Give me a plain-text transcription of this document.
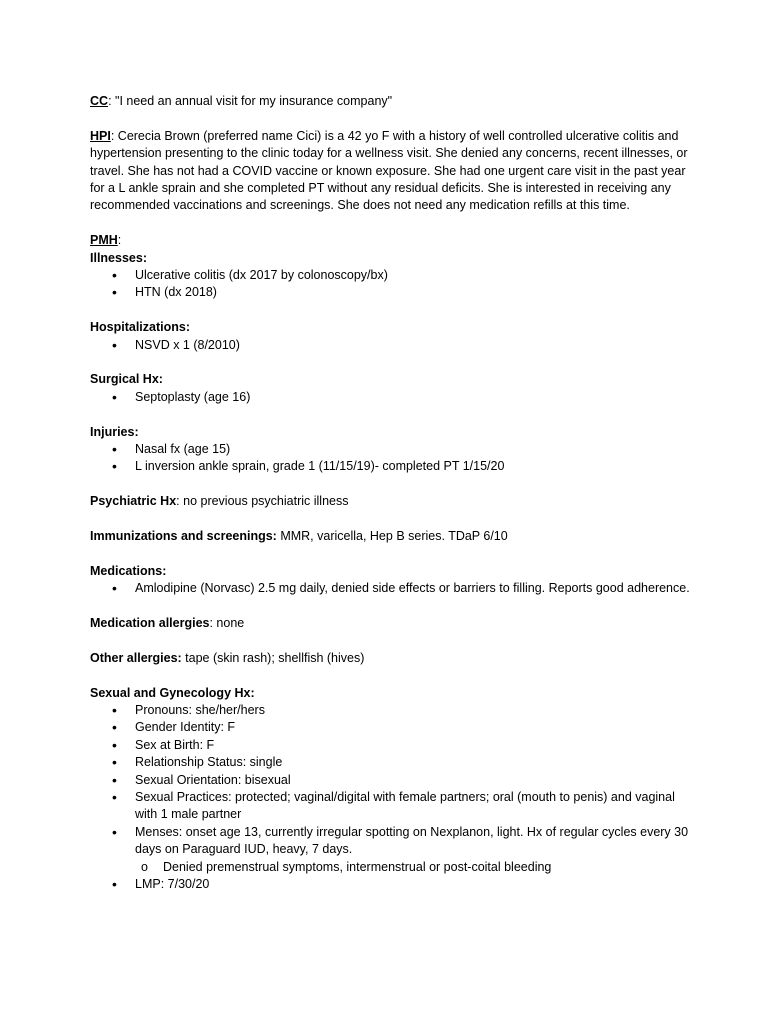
CC: "I need an annual visit for my insurance company"

HPI: Cerecia Brown (preferred name Cici) is a 42 yo F with a history of well controlled ulcerative colitis and hypertension presenting to the clinic today for a wellness visit. She denied any concerns, recent illnesses, or travel. She has not had a COVID vaccine or known exposure. She had one urgent care visit in the past year for a L ankle sprain and she completed PT without any residual deficits. She is interested in receiving any recommended vaccinations and screenings. She does not need any medication refills at this time.

PMH:

Illnesses:

• Ulcerative colitis (dx 2017 by colonoscopy/bx)
• HTN (dx 2018)

Hospitalizations:

• NSVD x 1 (8/2010)

Surgical Hx:

• Septoplasty (age 16)

Injuries:

• Nasal fx (age 15)
• L inversion ankle sprain, grade 1 (11/15/19)- completed PT 1/15/20

Psychiatric Hx: no previous psychiatric illness

Immunizations and screenings: MMR, varicella, Hep B series. TDaP 6/10

Medications:

• Amlodipine (Norvasc) 2.5 mg daily, denied side effects or barriers to filling. Reports good adherence.

Medication allergies: none

Other allergies: tape (skin rash); shellfish (hives)

Sexual and Gynecology Hx:

• Pronouns: she/her/hers
• Gender Identity: F
• Sex at Birth: F
• Relationship Status: single
• Sexual Orientation: bisexual
• Sexual Practices: protected; vaginal/digital with female partners; oral (mouth to penis) and vaginal with 1 male partner
• Menses: onset age 13, currently irregular spotting on Nexplanon, light. Hx of regular cycles every 30 days on Paraguard IUD, heavy, 7 days.
o Denied premenstrual symptoms, intermenstrual or post-coital bleeding
• LMP: 7/30/20
